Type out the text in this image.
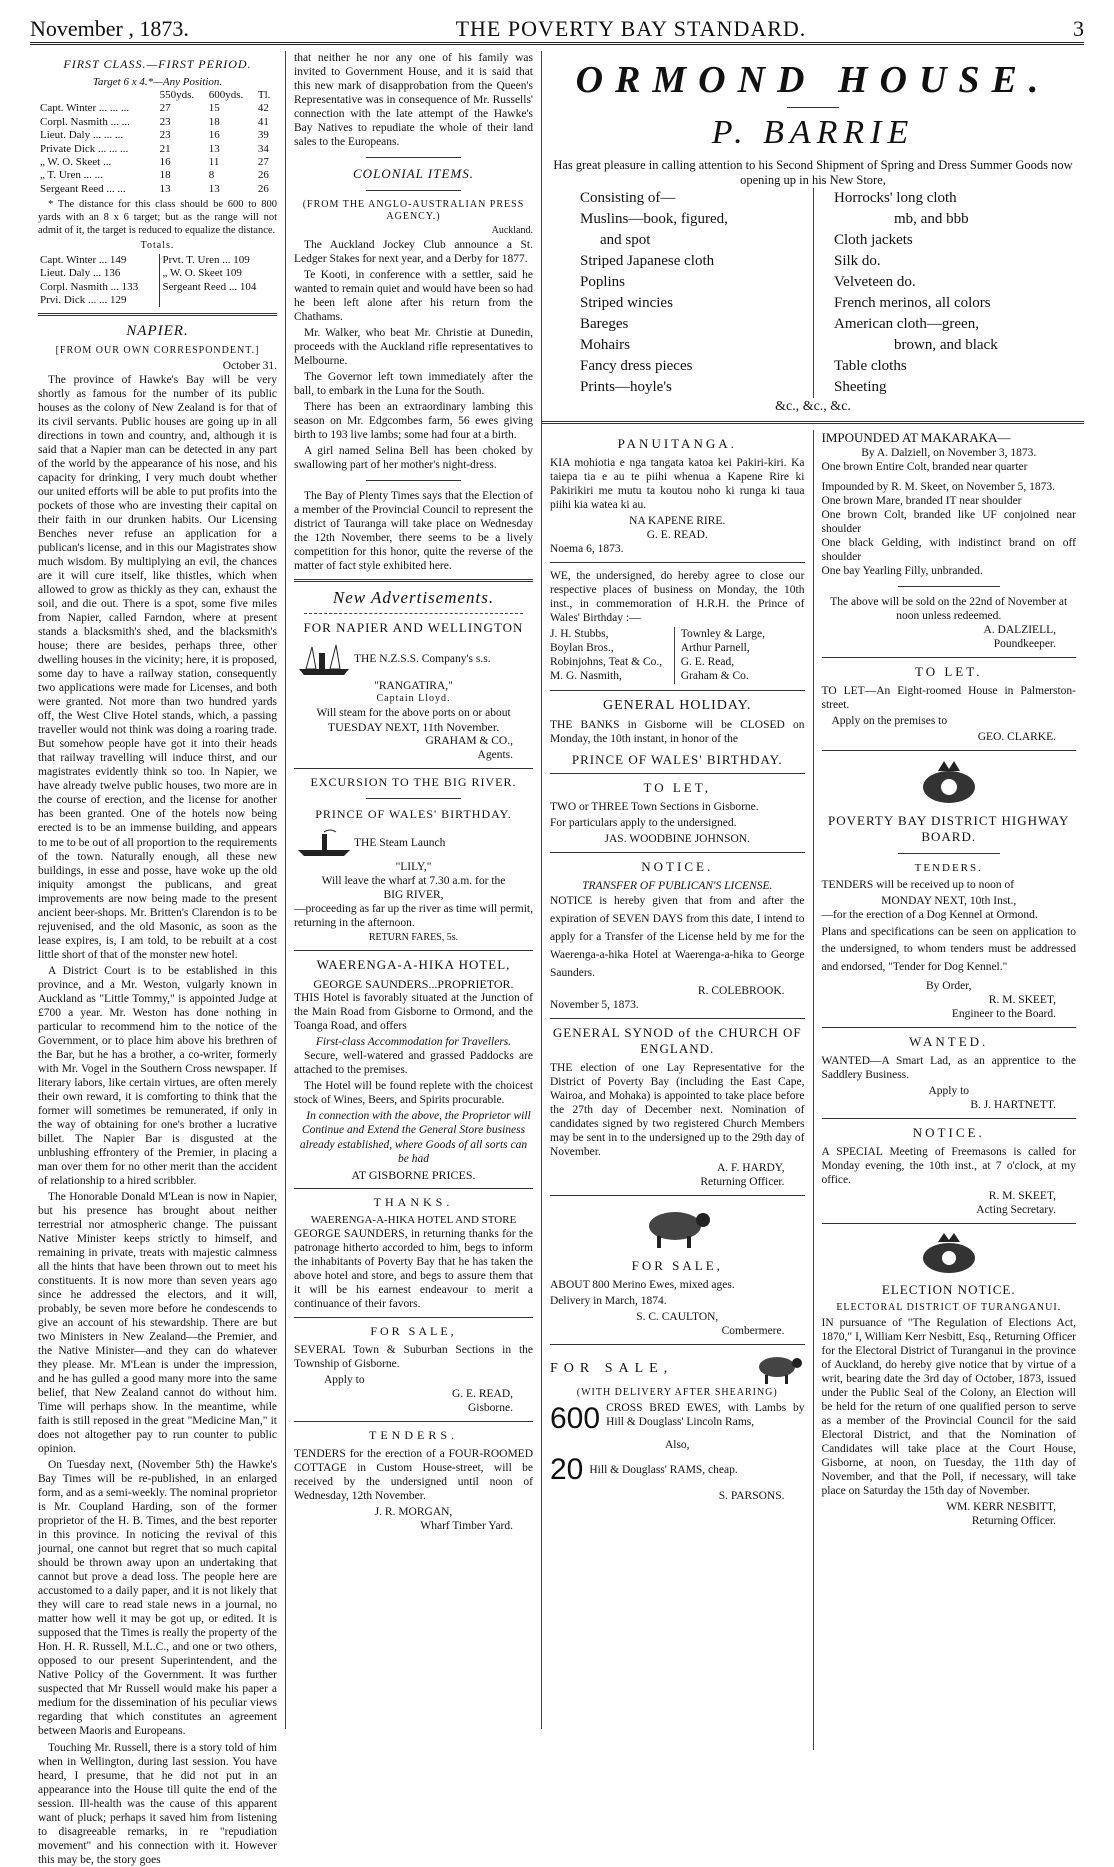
November , 1873.	THE POVERTY BAY STANDARD.	3
FIRST CLASS.—FIRST PERIOD.
Target 6 x 4.*—Any Position.
	550yds.	600yds.	Tl.
Capt. Winter ... ... ...	27	15	42
Corpl. Nasmith ... ...	23	18	41
Lieut. Daly ... ... ...	23	16	39
Private Dick ... ... ...	21	13	34
„ W. O. Skeet ...	16	11	27
„ T. Uren ... ...	18	8	26
Sergeant Reed ... ...	13	13	26

* The distance for this class should be 600 to 800 yards with an 8 x 6 target; but as the range will not admit of it, the target is reduced to equalize the distance.

Totals.
Capt. Winter ... 149	Prvt. T. Uren ... 109
Lieut. Daly ... 136	„ W. O. Skeet 109
Corpl. Nasmith ... 133	Sergeant Reed ... 104
Prvi. Dick ... ... 129	
NAPIER.
[FROM OUR OWN CORRESPONDENT.]
October 31.

The province of Hawke's Bay will be very shortly as famous for the number of its public houses as the colony of New Zealand is for that of its civil servants. Public houses are going up in all directions in town and country, and, although it is said that a Napier man can be detected in any part of the world by the appearance of his nose, and his capacity for drinking, I very much doubt whether our united efforts will be able to put profits into the pockets of those who are investing their capital on their faith in our drunken habits. Our Licensing Benches never refuse an application for a publican's license, and in this our Magistrates show much wisdom. By multiplying an evil, the chances are it will cure itself, like thistles, which when allowed to grow as thickly as they can, exhaust the soil, and die out. There is a spot, some five miles from Napier, called Farndon, where at present stands a blacksmith's shed, and the blacksmith's house; there are besides, perhaps three, other dwelling houses in the vicinity; here, it is proposed, some day to have a railway station, consequently two applications were made for Licenses, and both were granted. Not more than two hundred yards off, the West Clive Hotel stands, which, a passing traveller would not think was doing a roaring trade. But somehow people have got it into their heads that railway travelling will induce thirst, and our magistrates evidently think so too. In Napier, we have already twelve public houses, two more are in the course of erection, and the license for another has been granted. One of the hotels now being erected is to be an immense building, and appears to me to be out of all proportion to the requirements of the town. Naturally enough, all these new buildings, in esse and posse, have woke up the old iniquity amongst the publicans, and great improvements are now being made to the present ancient beer-shops. Mr. Britten's Clarendon is to be rejuvenised, and the old Masonic, as soon as the lease expires, is, I am told, to be rebuilt at a cost little short of that of the monster new hotel.

A District Court is to be established in this province, and a Mr. Weston, vulgarly known in Auckland as "Little Tommy," is appointed Judge at £700 a year. Mr. Weston has done nothing in particular to recommend him to the notice of the Government, or to place him above his brethren of the Bar, but he has a brother, a co-writer, formerly with Mr. Vogel in the Southern Cross newspaper. If literary labors, like certain virtues, are often merely their own reward, it is comforting to think that the former will sometimes be remunerated, if only in the way of obtaining for one's brother a lucrative billet. The Napier Bar is disgusted at the unblushing effrontery of the Premier, in placing a man over them for no other merit than the accident of relationship to a hired scribbler.

The Honorable Donald M'Lean is now in Napier, but his presence has brought about neither terrestrial nor atmospheric change. The puissant Native Minister keeps strictly to himself, and remaining in private, treats with majestic calmness all the hints that have been thrown out to meet his constituents. It is now more than seven years ago since he addressed the electors, and it will, probably, be seven more before he condescends to give an account of his stewardship. There are but two Ministers in New Zealand—the Premier, and the Native Minister—and they can do whatever they please. Mr. M'Lean is under the impression, and he has gulled a good many more into the same belief, that New Zealand cannot do without him. Time will perhaps show. In the meantime, while faith is still reposed in the great "Medicine Man," it does not altogether pay to run counter to public opinion.

On Tuesday next, (November 5th) the Hawke's Bay Times will be re-published, in an enlarged form, and as a semi-weekly. The nominal proprietor is Mr. Coupland Harding, son of the former proprietor of the H. B. Times, and the best reporter in this province. In noticing the revival of this journal, one cannot but regret that so much capital should be thrown away upon an undertaking that cannot but prove a dead loss. The people here are accustomed to a daily paper, and it is not likely that they will care to read stale news in a journal, no matter how well it may be got up, or edited. It is supposed that the Times is really the property of the Hon. H. R. Russell, M.L.C., and one or two others, opposed to our present Superintendent, and the Native Policy of the Government. It was further suspected that Mr Russell would make his paper a medium for the dissemination of his peculiar views regarding that which constitutes an agreement between Maoris and Europeans.

Touching Mr. Russell, there is a story told of him when in Wellington, during last session. You have heard, I presume, that he did not put in an appearance into the House till quite the end of the session. Ill-health was the cause of this apparent want of pluck; perhaps it saved him from listening to disagreeable remarks, in re "repudiation movement" and his connection with it. However this may be, the story goes

that neither he nor any one of his family was invited to Government House, and it is said that this new mark of disapprobation from the Queen's Representative was in consequence of Mr. Russells' connection with the late attempt of the Hawke's Bay Natives to repudiate the whole of their land sales to the Europeans.

COLONIAL ITEMS.
(FROM THE ANGLO-AUSTRALIAN PRESS AGENCY.)
Auckland.

The Auckland Jockey Club announce a St. Ledger Stakes for next year, and a Derby for 1877.

Te Kooti, in conference with a settler, said he wanted to remain quiet and would have been so had he been left alone after his return from the Chathams.

Mr. Walker, who beat Mr. Christie at Dunedin, proceeds with the Auckland rifle representatives to Melbourne.

The Governor left town immediately after the ball, to embark in the Luna for the South.

There has been an extraordinary lambing this season on Mr. Edgcombes farm, 56 ewes giving birth to 193 live lambs; some had four at a birth.

A girl named Selina Bell has been choked by swallowing part of her mother's night-dress.

The Bay of Plenty Times says that the Election of a member of the Provincial Council to represent the district of Tauranga will take place on Wednesday the 12th November, there seems to be a lively competition for this honor, quite the reverse of the matter of fact style exhibited here.

New Advertisements.
FOR NAPIER AND WELLINGTON
THE N.Z.S.S. Company's s.s.
"RANGATIRA,"
Captain Lloyd.
Will steam for the above ports on or about
TUESDAY NEXT, 11th November.
GRAHAM & CO.,
Agents.
EXCURSION TO THE BIG RIVER.
PRINCE OF WALES' BIRTHDAY.
THE Steam Launch
"LILY,"
Will leave the wharf at 7.30 a.m. for the
BIG RIVER,

—proceeding as far up the river as time will permit, returning in the afternoon.

RETURN FARES, 5s.
WAERENGA-A-HIKA HOTEL,
GEORGE SAUNDERS...PROPRIETOR.

THIS Hotel is favorably situated at the Junction of the Main Road from Gisborne to Ormond, and the Toanga Road, and offers

First-class Accommodation for Travellers.

Secure, well-watered and grassed Paddocks are attached to the premises.

The Hotel will be found replete with the choicest stock of Wines, Beers, and Spirits procurable.

In connection with the above, the Proprietor will Continue and Extend the General Store business already established, where Goods of all sorts can be had

AT GISBORNE PRICES.
THANKS.
WAERENGA-A-HIKA HOTEL AND STORE

GEORGE SAUNDERS, in returning thanks for the patronage hitherto accorded to him, begs to inform the inhabitants of Poverty Bay that he has taken the above hotel and store, and begs to assure them that it will be his earnest endeavour to merit a continuance of their favors.

FOR SALE,

SEVERAL Town & Suburban Sections in the Township of Gisborne.

Apply to
G. E. READ,
Gisborne.
TENDERS.

TENDERS for the erection of a FOUR-ROOMED COTTAGE in Custom House-street, will be received by the undersigned until noon of Wednesday, 12th November.

J. R. MORGAN,
Wharf Timber Yard.
ORMOND HOUSE.
P. BARRIE
Has great pleasure in calling attention to his Second Shipment of Spring and Dress Summer Goods now opening up in his New Store,
Consisting of—
Muslins—book, figured,
and spot
Striped Japanese cloth
Poplins
Striped wincies
Bareges
Mohairs
Fancy dress pieces
Prints—hoyle's
Horrocks' long cloth
mb, and bbb
Cloth jackets
Silk do.
Velveteen do.
French merinos, all colors
American cloth—green,
brown, and black
Table cloths
Sheeting
&c., &c., &c.
PANUITANGA.

KIA mohiotia e nga tangata katoa kei Pakiri-kiri. Ka taiepa tia e au te piihi whenua a Kapene Rire ki Pakirikiri me mutu ta koutou noho ki runga ki taua piihi kia watea ki au.

NA KAPENE RIRE.
G. E. READ.
Noema 6, 1873.

WE, the undersigned, do hereby agree to close our respective places of business on Monday, the 10th inst., in commemoration of H.R.H. the Prince of Wales' Birthday :—

J. H. Stubbs,
Boylan Bros.,
Robinjohns, Teat & Co.,
M. G. Nasmith,
Townley & Large,
Arthur Parnell,
G. E. Read,
Graham & Co.
GENERAL HOLIDAY.

THE BANKS in Gisborne will be CLOSED on Monday, the 10th instant, in honor of the

PRINCE OF WALES' BIRTHDAY.
TO LET,

TWO or THREE Town Sections in Gisborne.

For particulars apply to the undersigned.

JAS. WOODBINE JOHNSON.
NOTICE.
TRANSFER OF PUBLICAN'S LICENSE.

NOTICE is hereby given that from and after the expiration of SEVEN DAYS from this date, I intend to apply for a Transfer of the License held by me for the Waerenga-a-hika Hotel at Waerenga-a-hika to George Saunders.

R. COLEBROOK.
November 5, 1873.
GENERAL SYNOD of the CHURCH OF ENGLAND.

THE election of one Lay Representative for the District of Poverty Bay (including the East Cape, Wairoa, and Mohaka) is appointed to take place before the 27th day of December next. Nomination of candidates signed by two registered Church Members may be sent in to the undersigned up to the 29th day of November.

A. F. HARDY,
Returning Officer.
FOR SALE,

ABOUT 800 Merino Ewes, mixed ages.

Delivery in March, 1874.

S. C. CAULTON,
Combermere.
FOR SALE,
(WITH DELIVERY AFTER SHEARING)
600 CROSS BRED EWES, with Lambs by Hill & Douglass' Lincoln Rams,
Also,
20 Hill & Douglass' RAMS, cheap.
S. PARSONS.
IMPOUNDED AT MAKARAKA—
By A. Dalziell, on November 3, 1873.
One brown Entire Colt, branded near quarter
Impounded by R. M. Skeet, on November 5, 1873.
One brown Mare, branded IT near shoulder
One brown Colt, branded like UF conjoined near shoulder
One black Gelding, with indistinct brand on off shoulder
One bay Yearling Filly, unbranded.
The above will be sold on the 22nd of November at noon unless redeemed.
A. DALZIELL,
Poundkeeper.
TO LET.

TO LET—An Eight-roomed House in Palmerston-street.

Apply on the premises to

GEO. CLARKE.
POVERTY BAY DISTRICT HIGHWAY BOARD.
TENDERS.

TENDERS will be received up to noon of

MONDAY NEXT, 10th Inst.,

—for the erection of a Dog Kennel at Ormond.

Plans and specifications can be seen on application to the undersigned, to whom tenders must be addressed and endorsed, "Tender for Dog Kennel."

By Order,
R. M. SKEET,
Engineer to the Board.
WANTED.

WANTED—A Smart Lad, as an apprentice to the Saddlery Business.

Apply to
B. J. HARTNETT.
NOTICE.

A SPECIAL Meeting of Freemasons is called for Monday evening, the 10th inst., at 7 o'clock, at my office.

R. M. SKEET,
Acting Secretary.
ELECTION NOTICE.
ELECTORAL DISTRICT OF TURANGANUI.

IN pursuance of "The Regulation of Elections Act, 1870," I, William Kerr Nesbitt, Esq., Returning Officer for the Electoral District of Turanganui in the province of Auckland, do hereby give notice that by virtue of a writ, bearing date the 3rd day of October, 1873, issued under the Public Seal of the Colony, an Election will be held for the return of one qualified person to serve as a member of the Provincial Council for the said Electoral District, and that the Nomination of Candidates will take place at the Court House, Gisborne, at noon, on Tuesday, the 11th day of November, and that the Poll, if necessary, will take place on Saturday the 15th day of November.

WM. KERR NESBITT,
Returning Officer.
